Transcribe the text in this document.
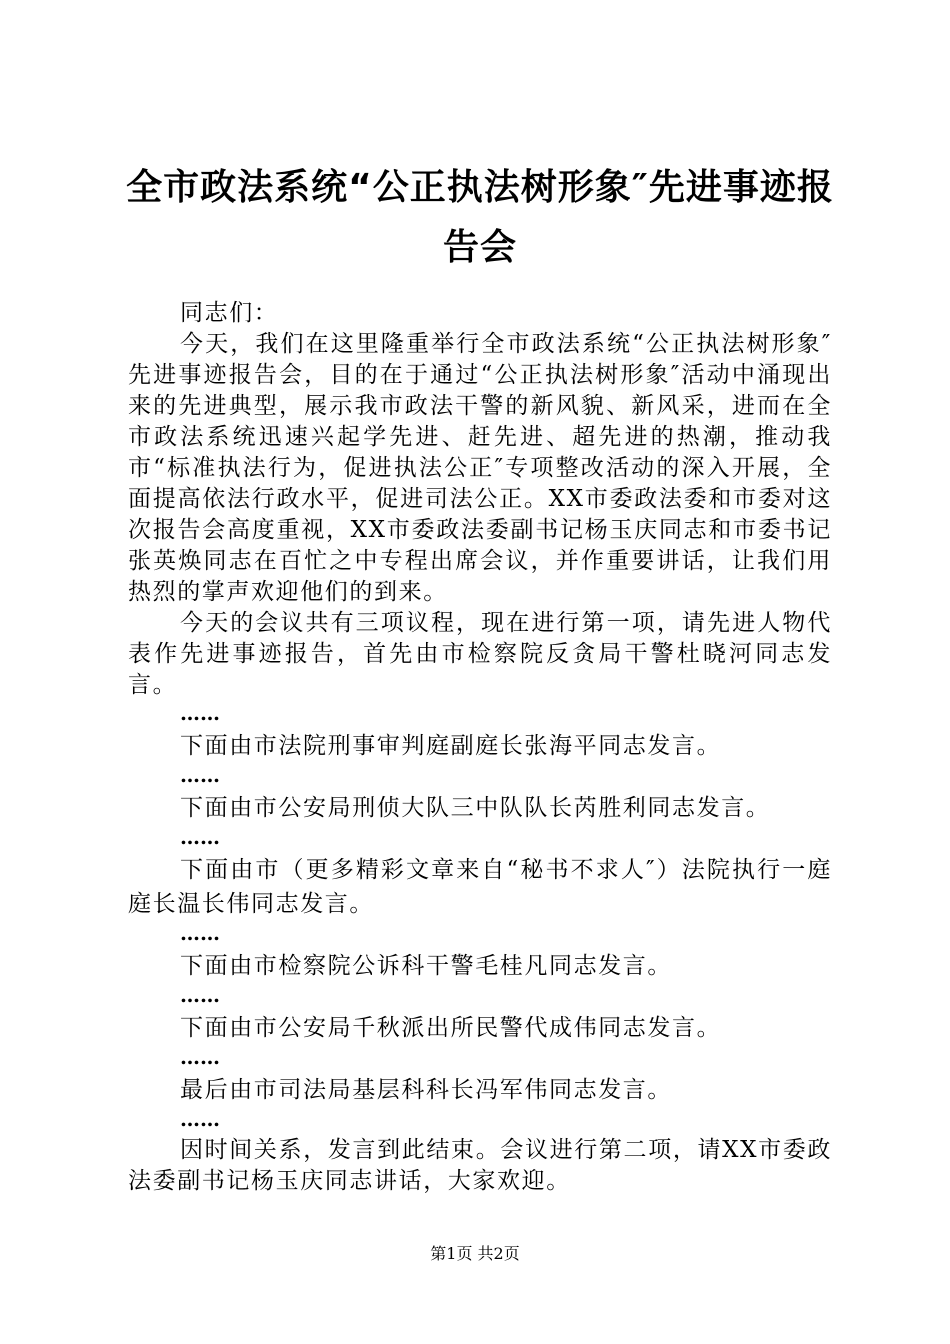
全市政法系统“公正执法树形象″先进事迹报告会

同志们：

今天，我们在这里隆重举行全市政法系统“公正执法树形象″先进事迹报告会，目的在于通过“公正执法树形象″活动中涌现出来的先进典型，展示我市政法干警的新风貌、新风采，进而在全市政法系统迅速兴起学先进、赶先进、超先进的热潮，推动我市“标准执法行为，促进执法公正″专项整改活动的深入开展，全面提高依法行政水平，促进司法公正。XX市委政法委和市委对这次报告会高度重视，XX市委政法委副书记杨玉庆同志和市委书记张英焕同志在百忙之中专程出席会议，并作重要讲话，让我们用热烈的掌声欢迎他们的到来。

今天的会议共有三项议程，现在进行第一项，请先进人物代表作先进事迹报告，首先由市检察院反贪局干警杜晓河同志发言。

……

下面由市法院刑事审判庭副庭长张海平同志发言。

……

下面由市公安局刑侦大队三中队队长芮胜利同志发言。

……

下面由市（更多精彩文章来自“秘书不求人″）法院执行一庭庭长温长伟同志发言。

……

下面由市检察院公诉科干警毛桂凡同志发言。

……

下面由市公安局千秋派出所民警代成伟同志发言。

……

最后由市司法局基层科科长冯军伟同志发言。

……

因时间关系，发言到此结束。会议进行第二项，请XX市委政法委副书记杨玉庆同志讲话，大家欢迎。

第1页 共2页
